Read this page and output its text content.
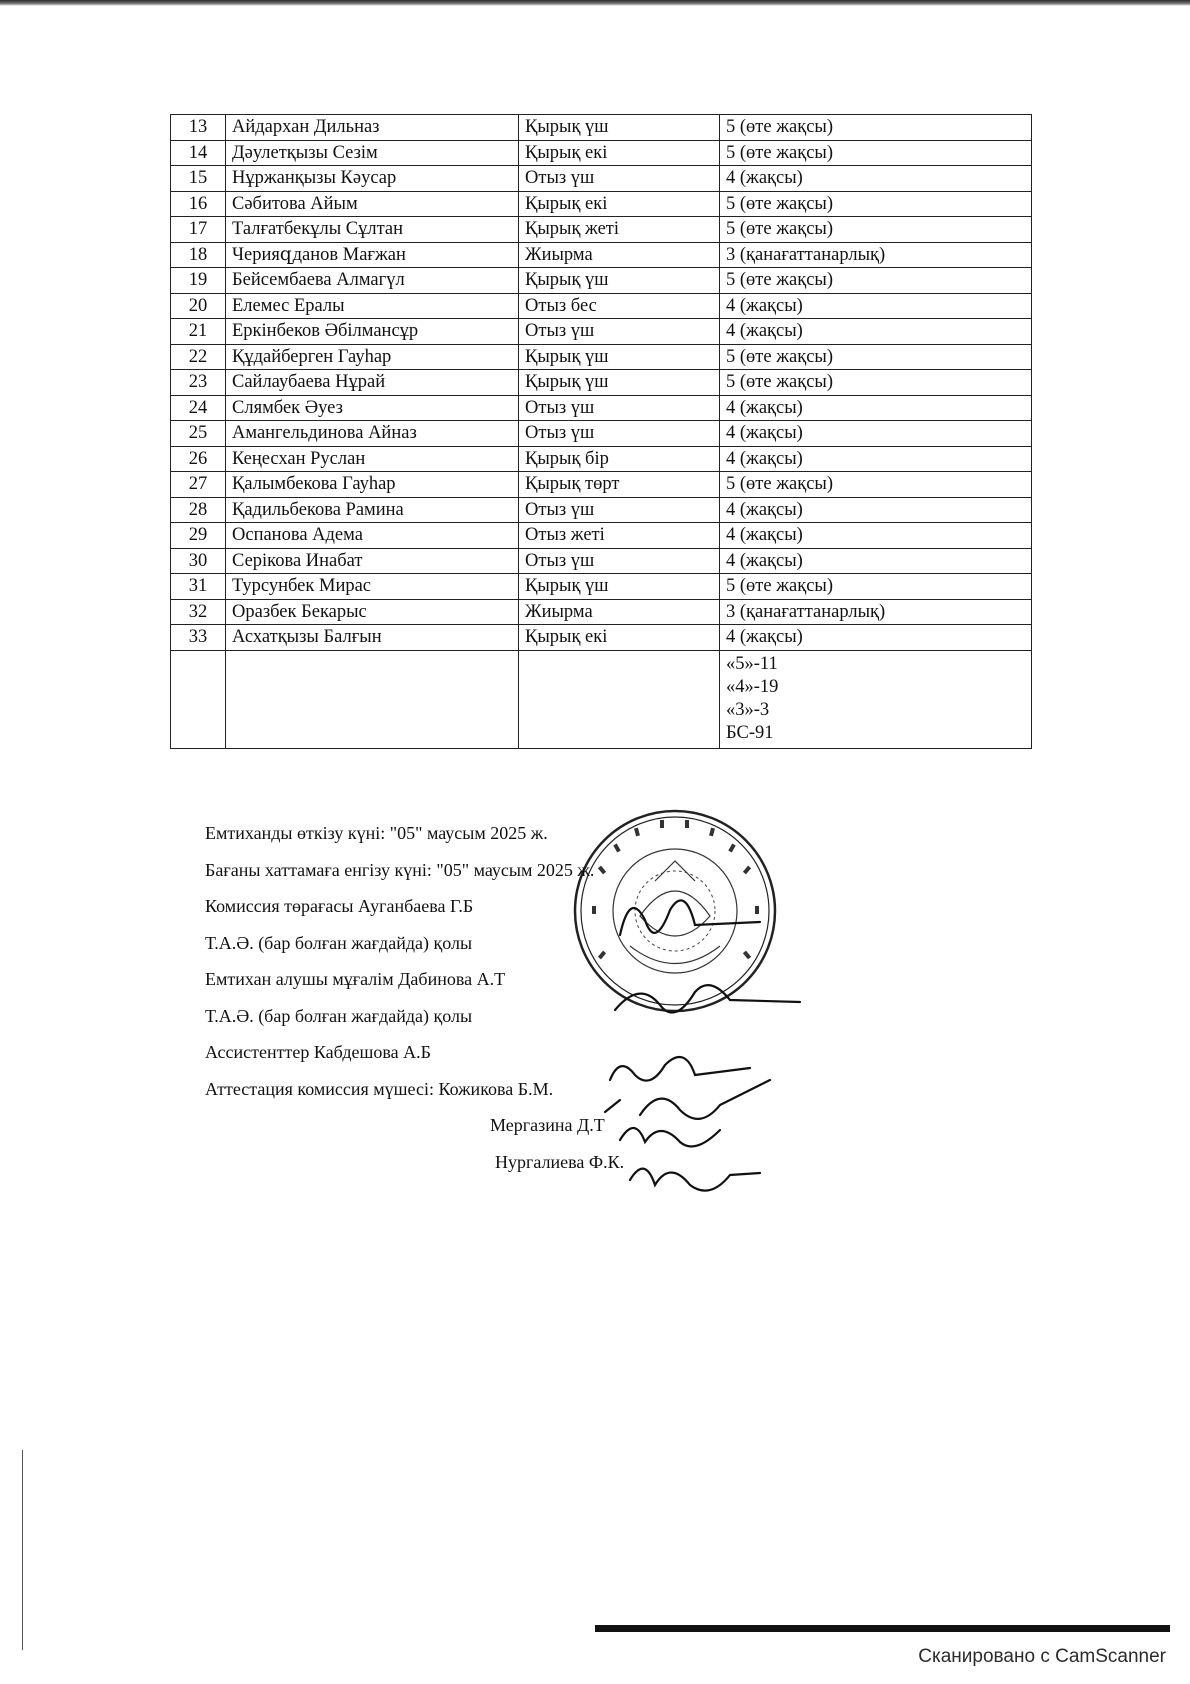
13	Айдархан Дильназ	Қырық үш	5 (өте жақсы)
14	Дәулетқызы Сезім	Қырық екі	5 (өте жақсы)
15	Нұржанқызы Кәусар	Отыз үш	4 (жақсы)
16	Сәбитова Айым	Қырық екі	5 (өте жақсы)
17	Талғатбекұлы Сұлтан	Қырық жеті	5 (өте жақсы)
18	Черияզданов Мағжан	Жиырма	3 (қанағаттанарлық)
19	Бейсембаева Алмагүл	Қырық үш	5 (өте жақсы)
20	Елемес Ералы	Отыз бес	4 (жақсы)
21	Еркінбеков Әбілмансұр	Отыз үш	4 (жақсы)
22	Құдайберген Гауһар	Қырық үш	5 (өте жақсы)
23	Сайлаубаева Нұрай	Қырық үш	5 (өте жақсы)
24	Слямбек Әуез	Отыз үш	4 (жақсы)
25	Амангельдинова Айназ	Отыз үш	4 (жақсы)
26	Кеңесхан Руслан	Қырық бір	4 (жақсы)
27	Қалымбекова Гауһар	Қырық төрт	5 (өте жақсы)
28	Қадильбекова Рамина	Отыз үш	4 (жақсы)
29	Оспанова Адема	Отыз жеті	4 (жақсы)
30	Серікова Инабат	Отыз үш	4 (жақсы)
31	Турсунбек Мирас	Қырық үш	5 (өте жақсы)
32	Оразбек Бекарыс	Жиырма	3 (қанағаттанарлық)
33	Асхатқызы Балғын	Қырық екі	4 (жақсы)

			«5»-11
«4»-19
«3»-3
БС-91
Емтиханды өткізу күні: "05" маусым 2025 ж.
Бағаны хаттамаға енгізу күні: "05" маусым 2025 ж.
Комиссия төрағасы Ауганбаева Г.Б
Т.А.Ә. (бар болған жағдайда) қолы
Емтихан алушы мұғалім Дабинова А.Т
Т.А.Ә. (бар болған жағдайда) қолы
Ассистенттер Кабдешова А.Б
Аттестация комиссия мүшесі: Кожикова Б.М.
Мергазина Д.Т
Нургалиева Ф.К.
Сканировано с CamScanner
